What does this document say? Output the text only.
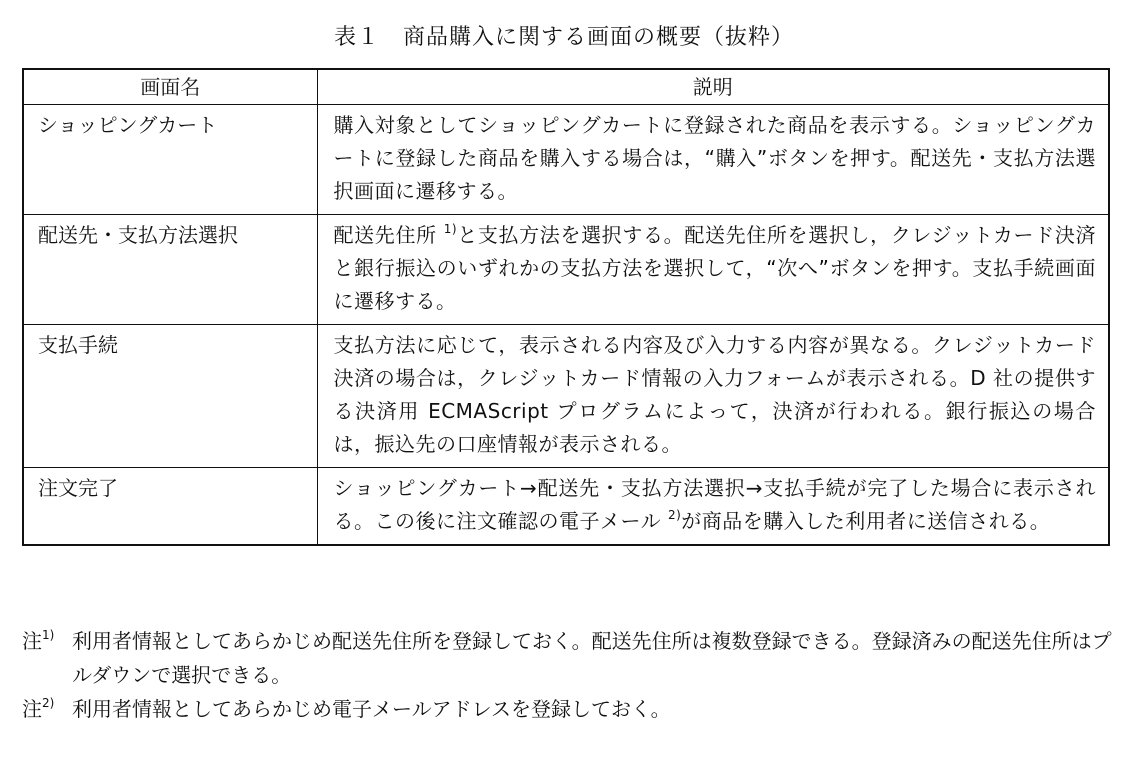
表１　商品購入に関する画面の概要（抜粋）
画面名	説明
ショッピングカート	購入対象としてショッピングカートに登録された商品を表示する。ショッピングカートに登録した商品を購入する場合は，“購入”ボタンを押す。配送先・支払方法選択画面に遷移する。
配送先・支払方法選択	配送先住所 $^{1)}$と支払方法を選択する。配送先住所を選択し，クレジットカード決済と銀行振込のいずれかの支払方法を選択して，“次へ”ボタンを押す。支払手続画面に遷移する。
支払手続	支払方法に応じて，表示される内容及び入力する内容が異なる。クレジットカード決済の場合は，クレジットカード情報の入力フォームが表示される。D 社の提供する決済用 ECMAScript プログラムによって，決済が行われる。銀行振込の場合は，振込先の口座情報が表示される。
注文完了	ショッピングカート→配送先・支払方法選択→支払手続が完了した場合に表示される。この後に注文確認の電子メール $^{2)}$が商品を購入した利用者に送信される。
注$^{1)}$ 利用者情報としてあらかじめ配送先住所を登録しておく。配送先住所は複数登録できる。登録済みの配送先住所はプルダウンで選択できる。
注$^{2)}$ 利用者情報としてあらかじめ電子メールアドレスを登録しておく。
